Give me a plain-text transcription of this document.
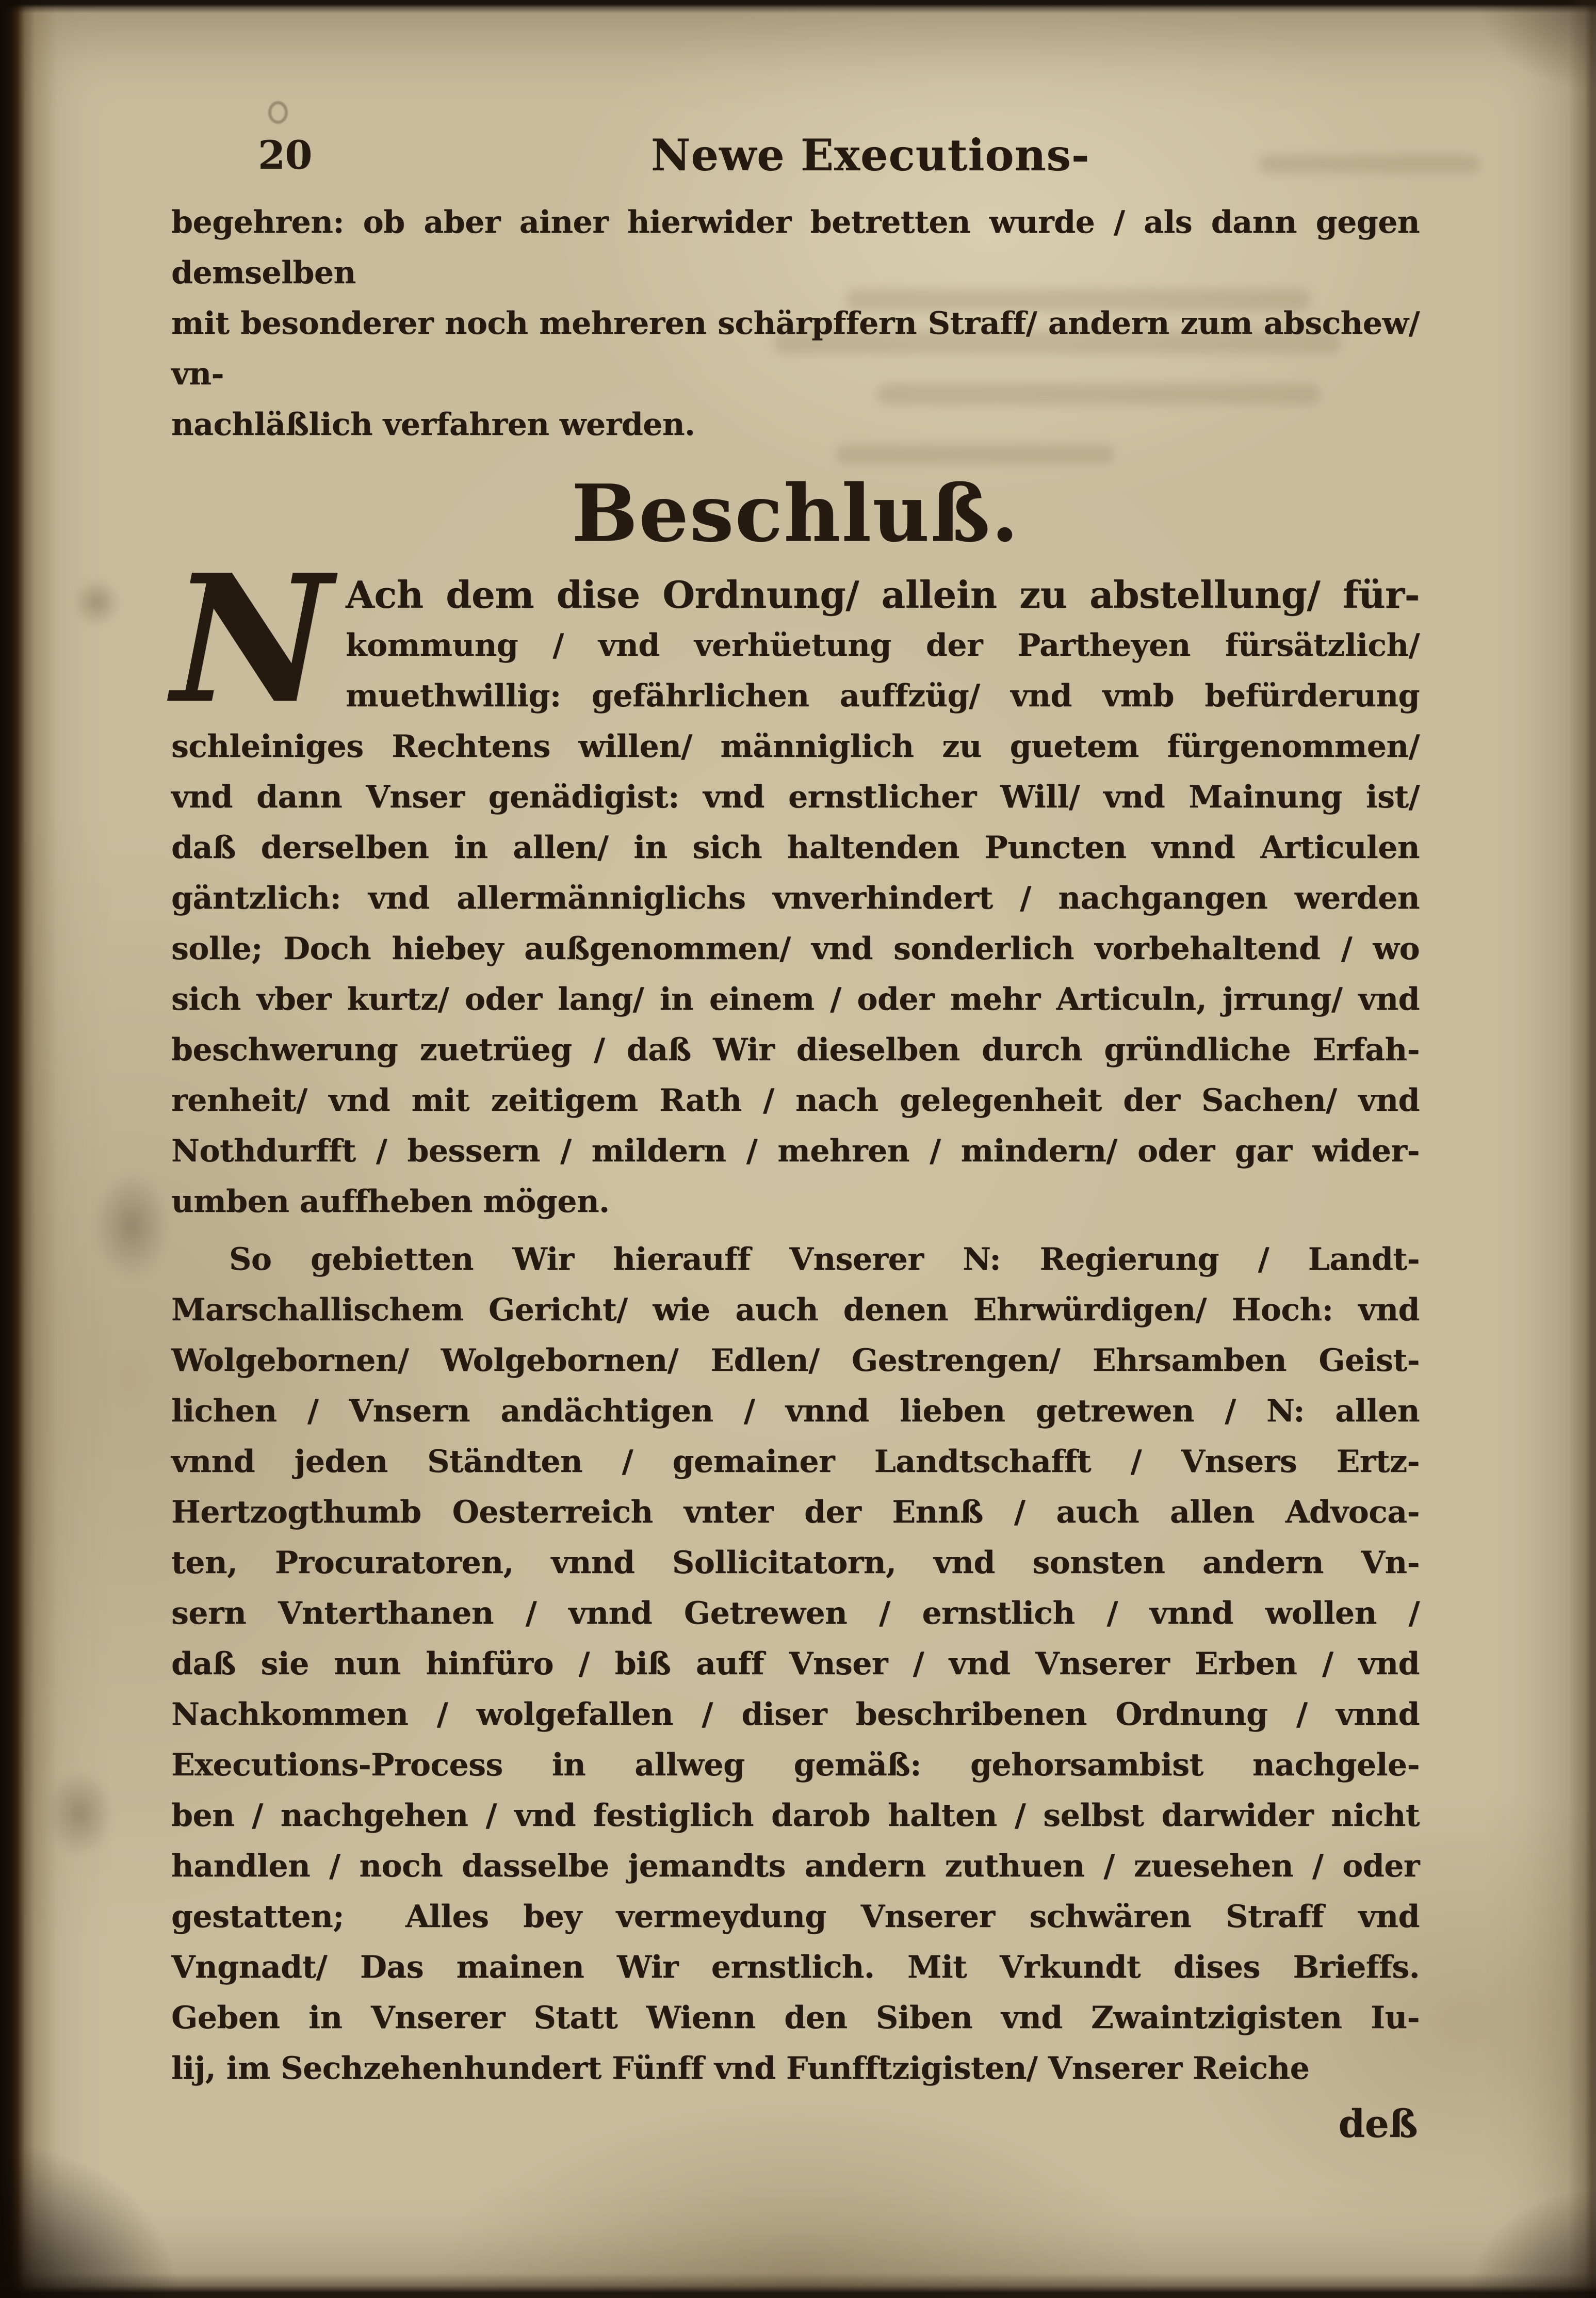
20	Newe Executions-
begehren: ob aber ainer hierwider betretten wurde / als dann gegen demselben
mit besonderer noch mehreren schärpffern Straff/ andern zum abschew/ vn-
nachläßlich verfahren werden.
Beschluß.
N Ach dem dise Ordnung/ allein zu abstellung/ für-
kommung / vnd verhüetung der Partheyen fürsätzlich/
muethwillig: gefährlichen auffzüg/ vnd vmb befürderung
schleiniges Rechtens willen/ männiglich zu guetem fürgenommen/
vnd dann Vnser genädigist: vnd ernstlicher Will/ vnd Mainung ist/
daß derselben in allen/ in sich haltenden Puncten vnnd Articulen
gäntzlich: vnd allermänniglichs vnverhindert / nachgangen werden
solle; Doch hiebey außgenommen/ vnd sonderlich vorbehaltend / wo
sich vber kurtz/ oder lang/ in einem / oder mehr Articuln, jrrung/ vnd
beschwerung zuetrüeg / daß Wir dieselben durch gründliche Erfah-
renheit/ vnd mit zeitigem Rath / nach gelegenheit der Sachen/ vnd
Nothdurfft / bessern / mildern / mehren / mindern/ oder gar wider-
umben auffheben mögen.
So gebietten Wir hierauff Vnserer N: Regierung / Landt-
Marschallischem Gericht/ wie auch denen Ehrwürdigen/ Hoch: vnd
Wolgebornen/ Wolgebornen/ Edlen/ Gestrengen/ Ehrsamben Geist-
lichen / Vnsern andächtigen / vnnd lieben getrewen / N: allen
vnnd jeden Ständten / gemainer Landtschafft / Vnsers Ertz-
Hertzogthumb Oesterreich vnter der Ennß / auch allen Advoca-
ten, Procuratoren, vnnd Sollicitatorn, vnd sonsten andern Vn-
sern Vnterthanen / vnnd Getrewen / ernstlich / vnnd wollen /
daß sie nun hinfüro / biß auff Vnser / vnd Vnserer Erben / vnd
Nachkommen / wolgefallen / diser beschribenen Ordnung / vnnd
Executions-Process in allweg gemäß: gehorsambist nachgele-
ben / nachgehen / vnd festiglich darob halten / selbst darwider nicht
handlen / noch dasselbe jemandts andern zuthuen / zuesehen / oder
gestatten;  Alles bey vermeydung Vnserer schwären Straff vnd
Vngnadt/ Das mainen Wir ernstlich. Mit Vrkundt dises Brieffs.
Geben in Vnserer Statt Wienn den Siben vnd Zwaintzigisten Iu-
lij, im Sechzehenhundert Fünff vnd Funfftzigisten/ Vnserer Reiche
deß
